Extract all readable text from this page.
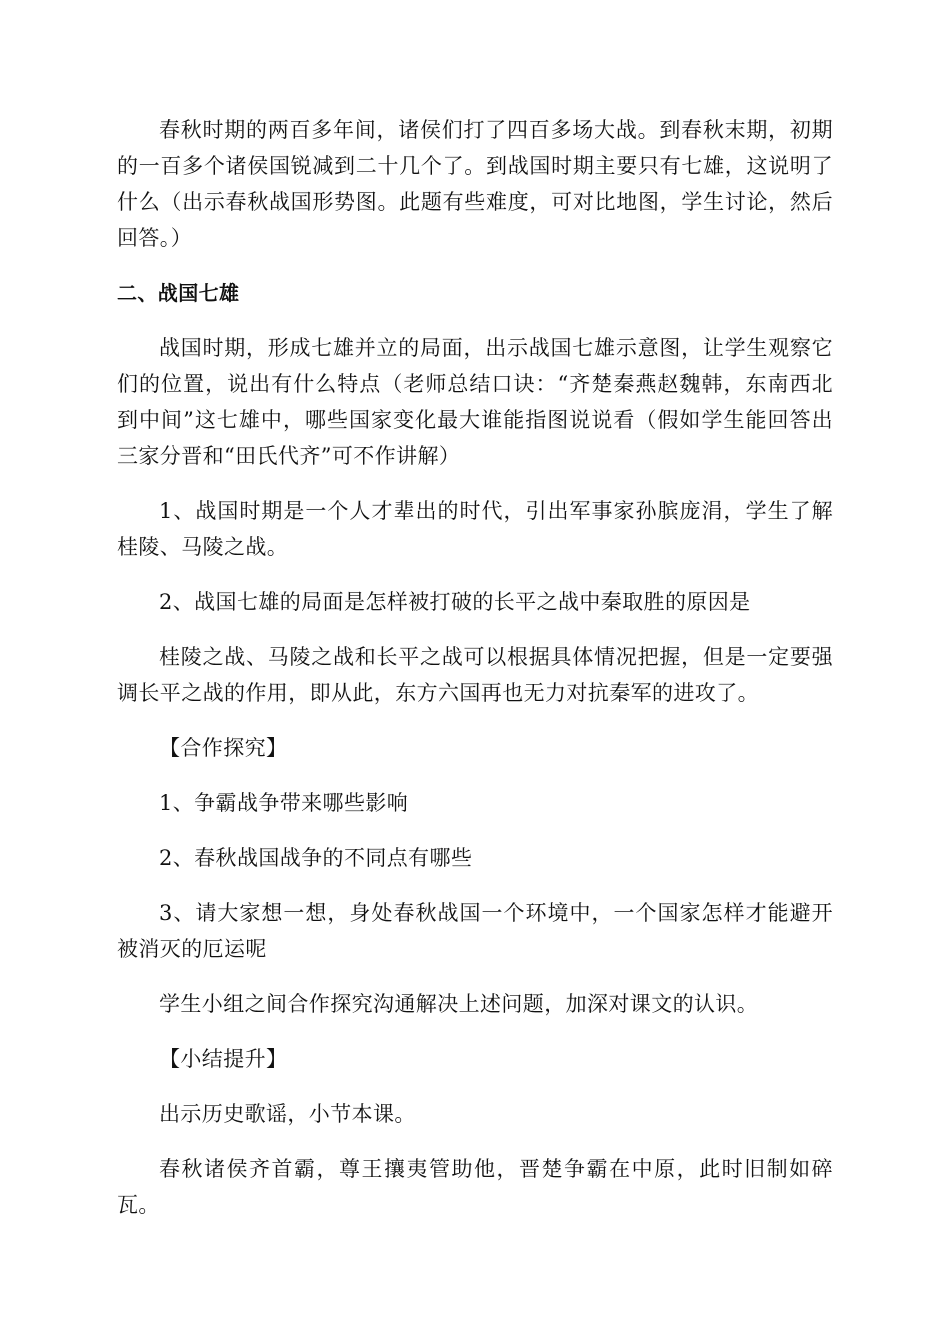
春秋时期的两百多年间，诸侯们打了四百多场大战。到春秋末期，初期的一百多个诸侯国锐减到二十几个了。到战国时期主要只有七雄，这说明了什么（出示春秋战国形势图。此题有些难度，可对比地图，学生讨论，然后回答。）

二、战国七雄

战国时期，形成七雄并立的局面，出示战国七雄示意图，让学生观察它们的位置，说出有什么特点（老师总结口诀：“齐楚秦燕赵魏韩，东南西北到中间”这七雄中，哪些国家变化最大谁能指图说说看（假如学生能回答出三家分晋和“田氏代齐”可不作讲解）

1、战国时期是一个人才辈出的时代，引出军事家孙膑庞涓，学生了解桂陵、马陵之战。

2、战国七雄的局面是怎样被打破的长平之战中秦取胜的原因是

桂陵之战、马陵之战和长平之战可以根据具体情况把握，但是一定要强调长平之战的作用，即从此，东方六国再也无力对抗秦军的进攻了。

【合作探究】

1、争霸战争带来哪些影响

2、春秋战国战争的不同点有哪些

3、请大家想一想，身处春秋战国一个环境中，一个国家怎样才能避开被消灭的厄运呢

学生小组之间合作探究沟通解决上述问题，加深对课文的认识。

【小结提升】

出示历史歌谣，小节本课。

春秋诸侯齐首霸，尊王攘夷管助他，晋楚争霸在中原，此时旧制如碎瓦。
